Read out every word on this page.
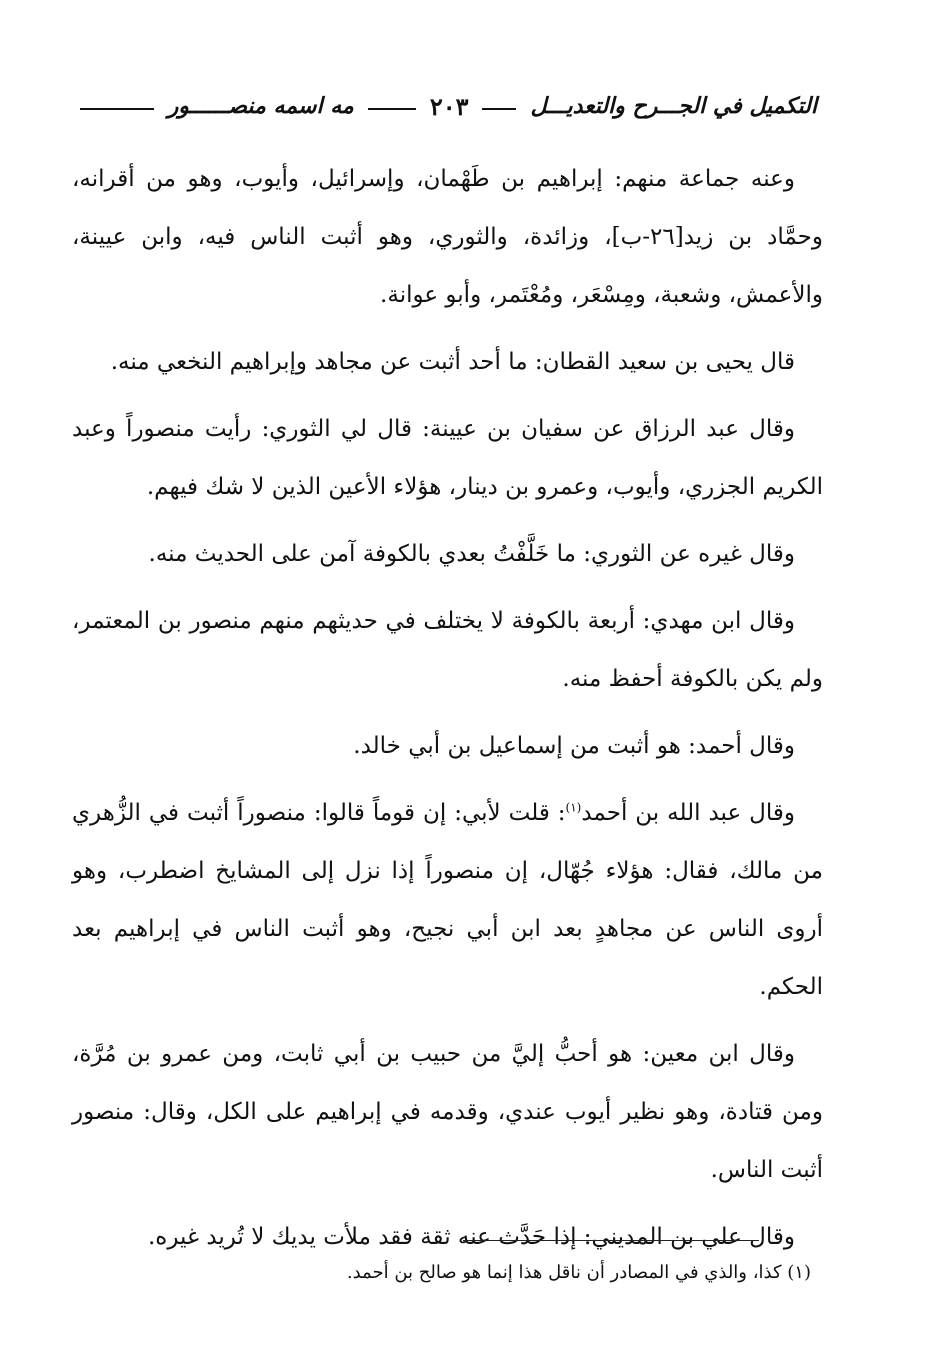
التكميل في الجـــرح والتعديـــل
٢٠٣
مه اسمه منصــــــور

وعنه جماعة منهم: إبراهيم بن طَهْمان، وإسرائيل، وأيوب، وهو من أقرانه، وحمَّاد بن زيد[٢٦-ب]، وزائدة، والثوري، وهو أثبت الناس فيه، وابن عيينة، والأعمش، وشعبة، ومِسْعَر، ومُعْتَمر، وأبو عوانة.

قال يحيى بن سعيد القطان: ما أحد أثبت عن مجاهد وإبراهيم النخعي منه.

وقال عبد الرزاق عن سفيان بن عيينة: قال لي الثوري: رأيت منصوراً وعبد الكريم الجزري، وأيوب، وعمرو بن دينار، هؤلاء الأعين الذين لا شك فيهم.

وقال غيره عن الثوري: ما خَلَّفْتُ بعدي بالكوفة آمن على الحديث منه.

وقال ابن مهدي: أربعة بالكوفة لا يختلف في حديثهم منهم منصور بن المعتمر، ولم يكن بالكوفة أحفظ منه.

وقال أحمد: هو أثبت من إسماعيل بن أبي خالد.

وقال عبد الله بن أحمد$^{(١)}$: قلت لأبي: إن قوماً قالوا: منصوراً أثبت في الزُّهري من مالك، فقال: هؤلاء جُهّال، إن منصوراً إذا نزل إلى المشايخ اضطرب، وهو أروى الناس عن مجاهدٍ بعد ابن أبي نجيح، وهو أثبت الناس في إبراهيم بعد الحكم.

وقال ابن معين: هو أحبُّ إليَّ من حبيب بن أبي ثابت، ومن عمرو بن مُرَّة، ومن قتادة، وهو نظير أيوب عندي، وقدمه في إبراهيم على الكل، وقال: منصور أثبت الناس.

وقال علي بن المديني: إذا حَدَّث عنه ثقة فقد ملأت يديك لا تُريد غيره.

(١) كذا، والذي في المصادر أن ناقل هذا إنما هو صالح بن أحمد.
